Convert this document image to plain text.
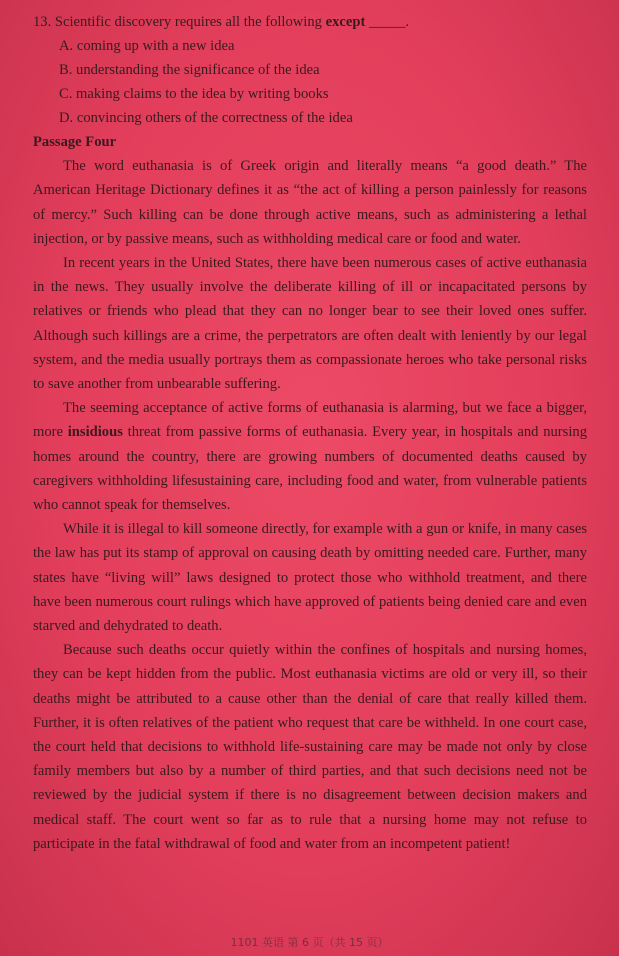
13. Scientific discovery requires all the following except _____.

A. coming up with a new idea

B. understanding the significance of the idea

C. making claims to the idea by writing books

D. convincing others of the correctness of the idea

Passage Four

The word euthanasia is of Greek origin and literally means “a good death.” The American Heritage Dictionary defines it as “the act of killing a person painlessly for reasons of mercy.” Such killing can be done through active means, such as administering a lethal injection, or by passive means, such as withholding medical care or food and water.

In recent years in the United States, there have been numerous cases of active euthanasia in the news. They usually involve the deliberate killing of ill or incapacitated persons by relatives or friends who plead that they can no longer bear to see their loved ones suffer. Although such killings are a crime, the perpetrators are often dealt with leniently by our legal system, and the media usually portrays them as compassionate heroes who take personal risks to save another from unbearable suffering.

The seeming acceptance of active forms of euthanasia is alarming, but we face a bigger, more insidious threat from passive forms of euthanasia. Every year, in hospitals and nursing homes around the country, there are growing numbers of documented deaths caused by caregivers withholding lifesustaining care, including food and water, from vulnerable patients who cannot speak for themselves.

While it is illegal to kill someone directly, for example with a gun or knife, in many cases the law has put its stamp of approval on causing death by omitting needed care. Further, many states have “living will” laws designed to protect those who withhold treatment, and there have been numerous court rulings which have approved of patients being denied care and even starved and dehydrated to death.

Because such deaths occur quietly within the confines of hospitals and nursing homes, they can be kept hidden from the public. Most euthanasia victims are old or very ill, so their deaths might be attributed to a cause other than the denial of care that really killed them. Further, it is often relatives of the patient who request that care be withheld. In one court case, the court held that decisions to withhold life-sustaining care may be made not only by close family members but also by a number of third parties, and that such decisions need not be reviewed by the judicial system if there is no disagreement between decision makers and medical staff. The court went so far as to rule that a nursing home may not refuse to participate in the fatal withdrawal of food and water from an incompetent patient!

1101 英语 第 6 页（共 15 页）
